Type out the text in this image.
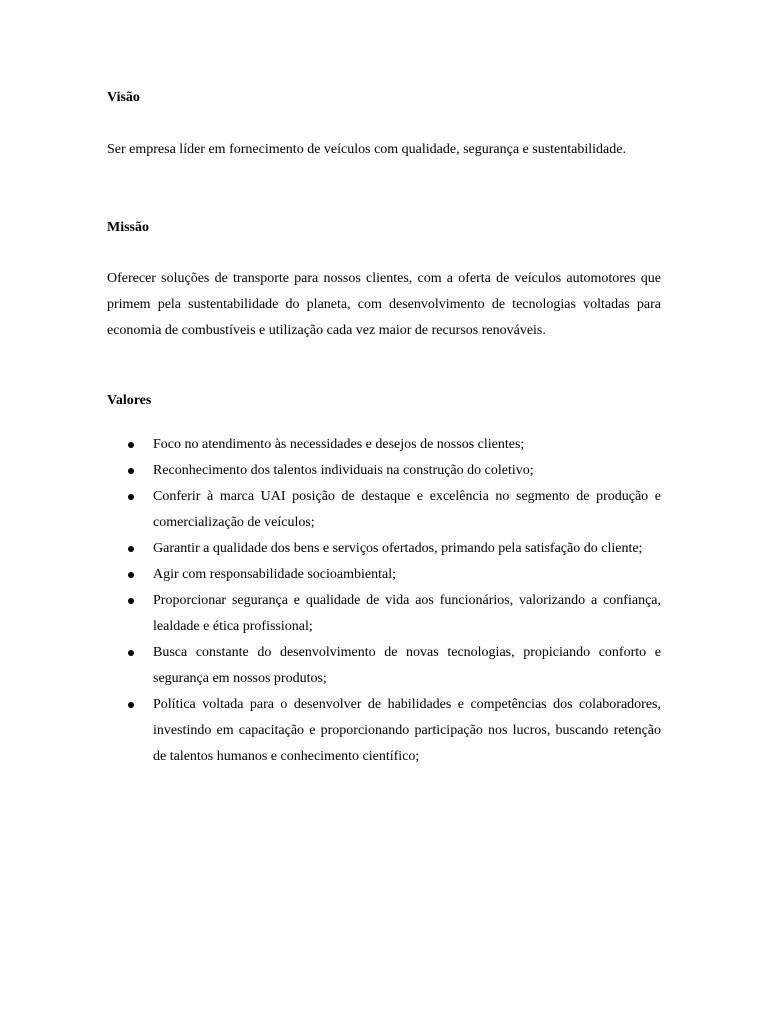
Visão

Ser empresa líder em fornecimento de veículos com qualidade, segurança e sustentabilidade.

Missão

Oferecer soluções de transporte para nossos clientes, com a oferta de veículos automotores que primem pela sustentabilidade do planeta, com desenvolvimento de tecnologias voltadas para economia de combustíveis e utilização cada vez maior de recursos renováveis.

Valores
Foco no atendimento às necessidades e desejos de nossos clientes;
Reconhecimento dos talentos individuais na construção do coletivo;
Conferir à marca UAI posição de destaque e excelência no segmento de produção e comercialização de veículos;
Garantir a qualidade dos bens e serviços ofertados, primando pela satisfação do cliente;
Agir com responsabilidade socioambiental;
Proporcionar segurança e qualidade de vida aos funcionários, valorizando a confiança, lealdade e ética profissional;
Busca constante do desenvolvimento de novas tecnologias, propiciando conforto e segurança em nossos produtos;
Política voltada para o desenvolver de habilidades e competências dos colaboradores, investindo em capacitação e proporcionando participação nos lucros, buscando retenção de talentos humanos e conhecimento científico;
